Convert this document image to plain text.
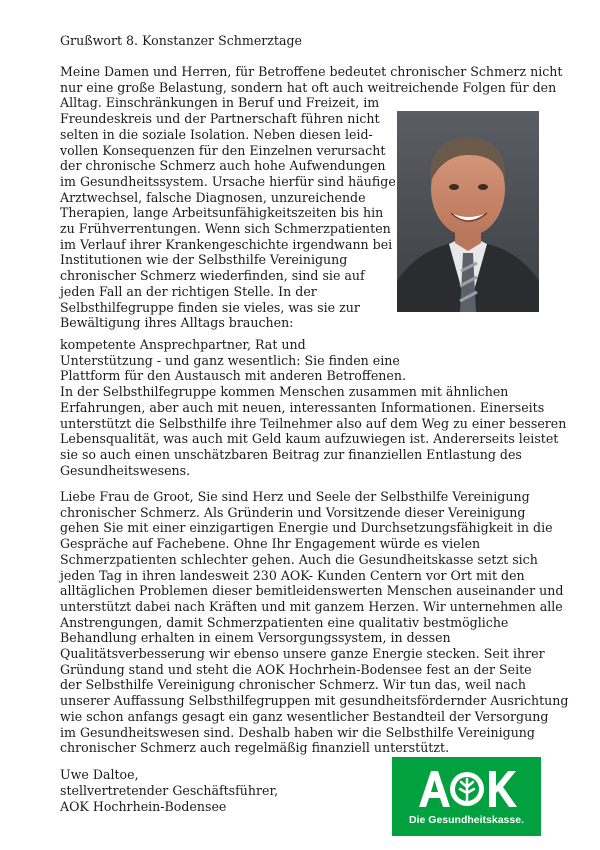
Grußwort 8. Konstanzer Schmerztage
Meine Damen und Herren, für Betroffene bedeutet chronischer Schmerz nicht
nur eine große Belastung, sondern hat oft auch weitreichende Folgen für den
Alltag. Einschränkungen in Beruf und Freizeit, im
Freundeskreis und der Partnerschaft führen nicht
selten in die soziale Isolation. Neben diesen leid-
vollen Konsequenzen für den Einzelnen verursacht
der chronische Schmerz auch hohe Aufwendungen
im Gesundheitssystem. Ursache hierfür sind häufige
Arztwechsel, falsche Diagnosen, unzureichende
Therapien, lange Arbeitsunfähigkeitszeiten bis hin
zu Frühverrentungen. Wenn sich Schmerzpatienten
im Verlauf ihrer Krankengeschichte irgendwann bei
Institutionen wie der Selbsthilfe Vereinigung
chronischer Schmerz wiederfinden, sind sie auf
jeden Fall an der richtigen Stelle. In der
Selbsthilfegruppe finden sie vieles, was sie zur
Bewältigung ihres Alltags brauchen:
kompetente Ansprechpartner, Rat und
Unterstützung - und ganz wesentlich: Sie finden eine
Plattform für den Austausch mit anderen Betroffenen.
In der Selbsthilfegruppe kommen Menschen zusammen mit ähnlichen
Erfahrungen, aber auch mit neuen, interessanten Informationen. Einerseits
unterstützt die Selbsthilfe ihre Teilnehmer also auf dem Weg zu einer besseren
Lebensqualität, was auch mit Geld kaum aufzuwiegen ist. Andererseits leistet
sie so auch einen unschätzbaren Beitrag zur finanziellen Entlastung des
Gesundheitswesens.
Liebe Frau de Groot, Sie sind Herz und Seele der Selbsthilfe Vereinigung
chronischer Schmerz. Als Gründerin und Vorsitzende dieser Vereinigung
gehen Sie mit einer einzigartigen Energie und Durchsetzungsfähigkeit in die
Gespräche auf Fachebene. Ohne Ihr Engagement würde es vielen
Schmerzpatienten schlechter gehen. Auch die Gesundheitskasse setzt sich
jeden Tag in ihren landesweit 230 AOK- Kunden Centern vor Ort mit den
alltäglichen Problemen dieser bemitleidenswerten Menschen auseinander und
unterstützt dabei nach Kräften und mit ganzem Herzen. Wir unternehmen alle
Anstrengungen, damit Schmerzpatienten eine qualitativ bestmögliche
Behandlung erhalten in einem Versorgungssystem, in dessen
Qualitätsverbesserung wir ebenso unsere ganze Energie stecken. Seit ihrer
Gründung stand und steht die AOK Hochrhein-Bodensee fest an der Seite
der Selbsthilfe Vereinigung chronischer Schmerz. Wir tun das, weil nach
unserer Auffassung Selbsthilfegruppen mit gesundheitsfördernder Ausrichtung
wie schon anfangs gesagt ein ganz wesentlicher Bestandteil der Versorgung
im Gesundheitswesen sind. Deshalb haben wir die Selbsthilfe Vereinigung
chronischer Schmerz auch regelmäßig finanziell unterstützt.
Uwe Daltoe,
stellvertretender Geschäftsführer,
AOK Hochrhein-Bodensee
Die Gesundheitskasse.
